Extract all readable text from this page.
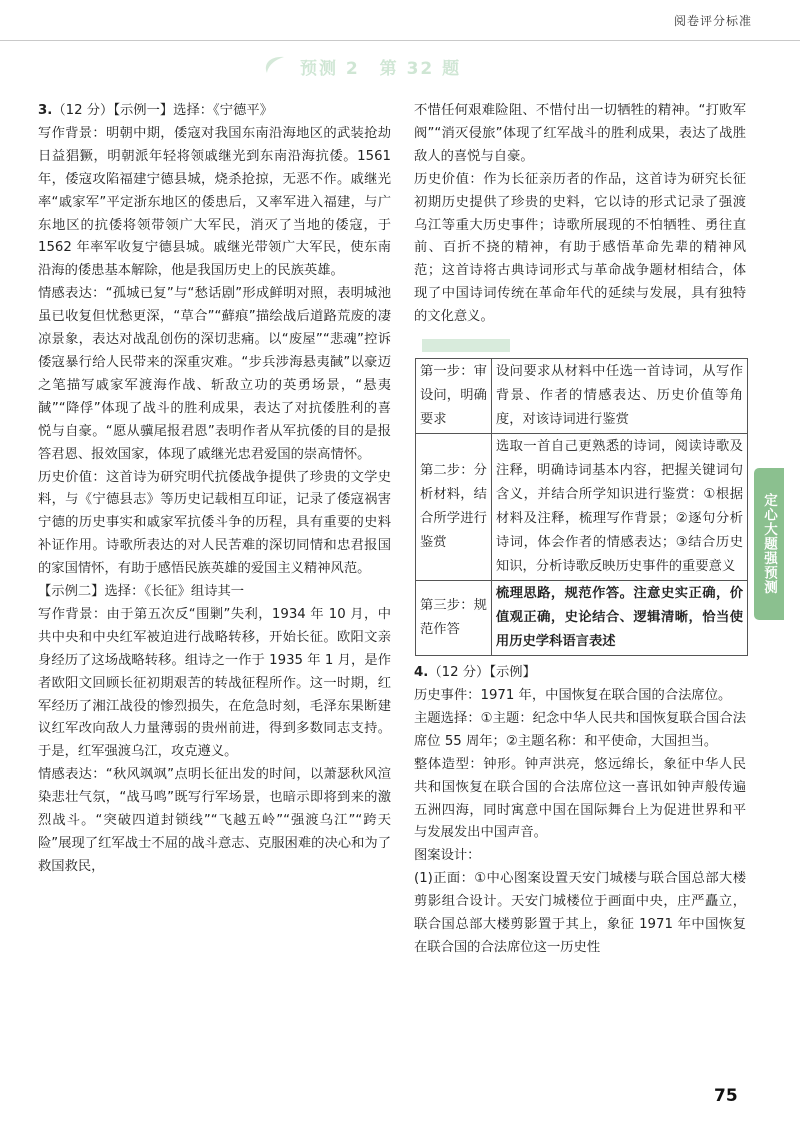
阅卷评分标准
预测 2 第 32 题

3.（12 分）【示例一】选择：《宁德平》

写作背景：明朝中期，倭寇对我国东南沿海地区的武装抢劫日益猖獗，明朝派年轻将领戚继光到东南沿海抗倭。1561 年，倭寇攻陷福建宁德县城，烧杀抢掠，无恶不作。戚继光率“戚家军”平定浙东地区的倭患后，又率军进入福建，与广东地区的抗倭将领带领广大军民，消灭了当地的倭寇，于 1562 年率军收复宁德县城。戚继光带领广大军民，使东南沿海的倭患基本解除，他是我国历史上的民族英雄。

情感表达：“孤城已复”与“愁话剧”形成鲜明对照，表明城池虽已收复但忧愁更深，“草合”“蘚痕”描绘战后道路荒废的凄凉景象，表达对战乱创伤的深切悲痛。以“废屋”“悲魂”控诉倭寇暴行给人民带来的深重灾难。“步兵涉海悬夷馘”以豪迈之笔描写戚家军渡海作战、斩敌立功的英勇场景，“悬夷馘”“降俘”体现了战斗的胜利成果，表达了对抗倭胜利的喜悦与自豪。“愿从骥尾报君恩”表明作者从军抗倭的目的是报答君恩、报效国家，体现了戚继光忠君爱国的崇高情怀。

历史价值：这首诗为研究明代抗倭战争提供了珍贵的文学史料，与《宁德县志》等历史记载相互印证，记录了倭寇祸害宁德的历史事实和戚家军抗倭斗争的历程，具有重要的史料补证作用。诗歌所表达的对人民苦难的深切同情和忠君报国的家国情怀，有助于感悟民族英雄的爱国主义精神风范。

【示例二】选择：《长征》组诗其一

写作背景：由于第五次反“围剿”失利，1934 年 10 月，中共中央和中央红军被迫进行战略转移，开始长征。欧阳文亲身经历了这场战略转移。组诗之一作于 1935 年 1 月，是作者欧阳文回顾长征初期艰苦的转战征程所作。这一时期，红军经历了湘江战役的惨烈损失，在危急时刻，毛泽东果断建议红军改向敌人力量薄弱的贵州前进，得到多数同志支持。于是，红军强渡乌江，攻克遵义。

情感表达：“秋风飒飒”点明长征出发的时间，以萧瑟秋风渲染悲壮气氛，“战马鸣”既写行军场景，也暗示即将到来的激烈战斗。“突破四道封锁线”“飞越五岭”“强渡乌江”“跨天险”展现了红军战士不屈的战斗意志、克服困难的决心和为了救国救民，

不惜任何艰难险阻、不惜付出一切牺牲的精神。“打败军阀”“消灭侵旅”体现了红军战斗的胜利成果，表达了战胜敌人的喜悦与自豪。

历史价值：作为长征亲历者的作品，这首诗为研究长征初期历史提供了珍贵的史料，它以诗的形式记录了强渡乌江等重大历史事件；诗歌所展现的不怕牺牲、勇往直前、百折不挠的精神，有助于感悟革命先辈的精神风范；这首诗将古典诗词形式与革命战争题材相结合，体现了中国诗词传统在革命年代的延续与发展，具有独特的文化意义。

第一步：审设问，明确要求	设问要求从材料中任选一首诗词，从写作背景、作者的情感表达、历史价值等角度，对该诗词进行鉴赏
第二步：分析材料，结合所学进行鉴赏	选取一首自己更熟悉的诗词，阅读诗歌及注释，明确诗词基本内容，把握关键词句含义，并结合所学知识进行鉴赏：①根据材料及注释，梳理写作背景；②逐句分析诗词，体会作者的情感表达；③结合历史知识，分析诗歌反映历史事件的重要意义
第三步：规范作答	梳理思路，规范作答。注意史实正确，价值观正确，史论结合、逻辑清晰，恰当使用历史学科语言表述

4.（12 分）【示例】

历史事件：1971 年，中国恢复在联合国的合法席位。

主题选择：①主题：纪念中华人民共和国恢复联合国合法席位 55 周年；②主题名称：和平使命，大国担当。

整体造型：钟形。钟声洪亮，悠远绵长，象征中华人民共和国恢复在联合国的合法席位这一喜讯如钟声般传遍五洲四海，同时寓意中国在国际舞台上为促进世界和平与发展发出中国声音。

图案设计：

(1)正面：①中心图案设置天安门城楼与联合国总部大楼剪影组合设计。天安门城楼位于画面中央，庄严矗立，联合国总部大楼剪影置于其上，象征 1971 年中国恢复在联合国的合法席位这一历史性

定心大题强预测
75
